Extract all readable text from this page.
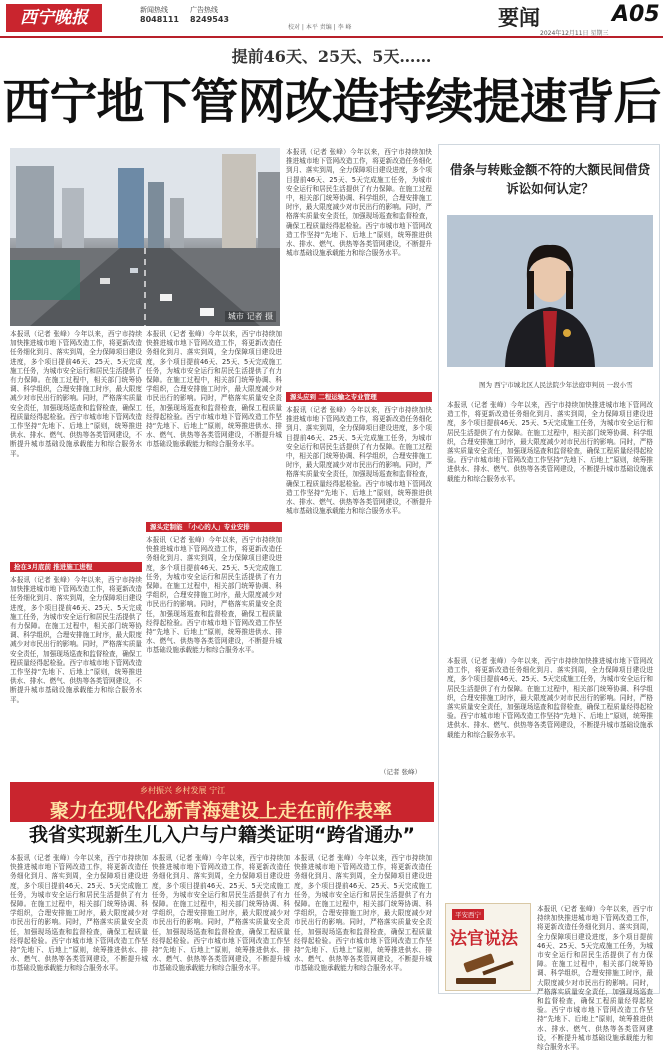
西宁晚报	新闻热线
8048111
广告热线
8249543
校对 | 本平 责编 | 李 峰	要闻	A05
2024年12月11日 星期三
提前46天、25天、5天……
西宁地下管网改造持续提速背后
城市 记者 摄
本报讯（记者 张峰）今年以来，西宁市持续加快推进城市地下管网改造工作，将更新改造任务细化到月、落实到周，全力保障项目建设进度，多个项目提前46天、25天、5天完成施工任务，为城市安全运行和居民生活提供了有力保障。在施工过程中，相关部门统筹协调、科学组织，合理安排施工时序，最大限度减少对市民出行的影响。同时，严格落实质量安全责任，加强现场巡查和监督检查，确保工程质量经得起检验。西宁市城市地下管网改造工作坚持“先地下、后地上”原则，统筹推进供水、排水、燃气、供热等各类管网建设，不断提升城市基础设施承载能力和综合服务水平。
抢在3月底前 推进施工进程
本报讯（记者 张峰）今年以来，西宁市持续加快推进城市地下管网改造工作，将更新改造任务细化到月、落实到周，全力保障项目建设进度，多个项目提前46天、25天、5天完成施工任务，为城市安全运行和居民生活提供了有力保障。在施工过程中，相关部门统筹协调、科学组织，合理安排施工时序，最大限度减少对市民出行的影响。同时，严格落实质量安全责任，加强现场巡查和监督检查，确保工程质量经得起检验。西宁市城市地下管网改造工作坚持“先地下、后地上”原则，统筹推进供水、排水、燃气、供热等各类管网建设，不断提升城市基础设施承载能力和综合服务水平。
本报讯（记者 张峰）今年以来，西宁市持续加快推进城市地下管网改造工作，将更新改造任务细化到月、落实到周，全力保障项目建设进度，多个项目提前46天、25天、5天完成施工任务，为城市安全运行和居民生活提供了有力保障。在施工过程中，相关部门统筹协调、科学组织，合理安排施工时序，最大限度减少对市民出行的影响。同时，严格落实质量安全责任，加强现场巡查和监督检查，确保工程质量经得起检验。西宁市城市地下管网改造工作坚持“先地下、后地上”原则，统筹推进供水、排水、燃气、供热等各类管网建设，不断提升城市基础设施承载能力和综合服务水平。
源头定制能 「小心的人」专业安排
本报讯（记者 张峰）今年以来，西宁市持续加快推进城市地下管网改造工作，将更新改造任务细化到月、落实到周，全力保障项目建设进度，多个项目提前46天、25天、5天完成施工任务，为城市安全运行和居民生活提供了有力保障。在施工过程中，相关部门统筹协调、科学组织，合理安排施工时序，最大限度减少对市民出行的影响。同时，严格落实质量安全责任，加强现场巡查和监督检查，确保工程质量经得起检验。西宁市城市地下管网改造工作坚持“先地下、后地上”原则，统筹推进供水、排水、燃气、供热等各类管网建设，不断提升城市基础设施承载能力和综合服务水平。
本报讯（记者 张峰）今年以来，西宁市持续加快推进城市地下管网改造工作，将更新改造任务细化到月、落实到周，全力保障项目建设进度，多个项目提前46天、25天、5天完成施工任务，为城市安全运行和居民生活提供了有力保障。在施工过程中，相关部门统筹协调、科学组织，合理安排施工时序，最大限度减少对市民出行的影响。同时，严格落实质量安全责任，加强现场巡查和监督检查，确保工程质量经得起检验。西宁市城市地下管网改造工作坚持“先地下、后地上”原则，统筹推进供水、排水、燃气、供热等各类管网建设，不断提升城市基础设施承载能力和综合服务水平。
源头应到 二程运输之专业管理
本报讯（记者 张峰）今年以来，西宁市持续加快推进城市地下管网改造工作，将更新改造任务细化到月、落实到周，全力保障项目建设进度，多个项目提前46天、25天、5天完成施工任务，为城市安全运行和居民生活提供了有力保障。在施工过程中，相关部门统筹协调、科学组织，合理安排施工时序，最大限度减少对市民出行的影响。同时，严格落实质量安全责任，加强现场巡查和监督检查，确保工程质量经得起检验。西宁市城市地下管网改造工作坚持“先地下、后地上”原则，统筹推进供水、排水、燃气、供热等各类管网建设，不断提升城市基础设施承载能力和综合服务水平。
（记者 张峰）
借条与转账金额不符的大额民间借贷诉讼如何认定？
图为 西宁市城北区人民法院少年法庭审判员 一段小雪
本报讯（记者 张峰）今年以来，西宁市持续加快推进城市地下管网改造工作，将更新改造任务细化到月、落实到周，全力保障项目建设进度，多个项目提前46天、25天、5天完成施工任务，为城市安全运行和居民生活提供了有力保障。在施工过程中，相关部门统筹协调、科学组织，合理安排施工时序，最大限度减少对市民出行的影响。同时，严格落实质量安全责任，加强现场巡查和监督检查，确保工程质量经得起检验。西宁市城市地下管网改造工作坚持“先地下、后地上”原则，统筹推进供水、排水、燃气、供热等各类管网建设，不断提升城市基础设施承载能力和综合服务水平。
本报讯（记者 张峰）今年以来，西宁市持续加快推进城市地下管网改造工作，将更新改造任务细化到月、落实到周，全力保障项目建设进度，多个项目提前46天、25天、5天完成施工任务，为城市安全运行和居民生活提供了有力保障。在施工过程中，相关部门统筹协调、科学组织，合理安排施工时序，最大限度减少对市民出行的影响。同时，严格落实质量安全责任，加强现场巡查和监督检查，确保工程质量经得起检验。西宁市城市地下管网改造工作坚持“先地下、后地上”原则，统筹推进供水、排水、燃气、供热等各类管网建设，不断提升城市基础设施承载能力和综合服务水平。
本报讯（记者 张峰）今年以来，西宁市持续加快推进城市地下管网改造工作，将更新改造任务细化到月、落实到周，全力保障项目建设进度，多个项目提前46天、25天、5天完成施工任务，为城市安全运行和居民生活提供了有力保障。在施工过程中，相关部门统筹协调、科学组织，合理安排施工时序，最大限度减少对市民出行的影响。同时，严格落实质量安全责任，加强现场巡查和监督检查，确保工程质量经得起检验。西宁市城市地下管网改造工作坚持“先地下、后地上”原则，统筹推进供水、排水、燃气、供热等各类管网建设，不断提升城市基础设施承载能力和综合服务水平。
平安西宁
法官说法
乡村振兴 乡村发展 宁江
聚力在现代化新青海建设上走在前作表率
我省实现新生儿入户与户籍类证明“跨省通办”
本报讯（记者 张峰）今年以来，西宁市持续加快推进城市地下管网改造工作，将更新改造任务细化到月、落实到周，全力保障项目建设进度，多个项目提前46天、25天、5天完成施工任务，为城市安全运行和居民生活提供了有力保障。在施工过程中，相关部门统筹协调、科学组织，合理安排施工时序，最大限度减少对市民出行的影响。同时，严格落实质量安全责任，加强现场巡查和监督检查，确保工程质量经得起检验。西宁市城市地下管网改造工作坚持“先地下、后地上”原则，统筹推进供水、排水、燃气、供热等各类管网建设，不断提升城市基础设施承载能力和综合服务水平。
本报讯（记者 张峰）今年以来，西宁市持续加快推进城市地下管网改造工作，将更新改造任务细化到月、落实到周，全力保障项目建设进度，多个项目提前46天、25天、5天完成施工任务，为城市安全运行和居民生活提供了有力保障。在施工过程中，相关部门统筹协调、科学组织，合理安排施工时序，最大限度减少对市民出行的影响。同时，严格落实质量安全责任，加强现场巡查和监督检查，确保工程质量经得起检验。西宁市城市地下管网改造工作坚持“先地下、后地上”原则，统筹推进供水、排水、燃气、供热等各类管网建设，不断提升城市基础设施承载能力和综合服务水平。
本报讯（记者 张峰）今年以来，西宁市持续加快推进城市地下管网改造工作，将更新改造任务细化到月、落实到周，全力保障项目建设进度，多个项目提前46天、25天、5天完成施工任务，为城市安全运行和居民生活提供了有力保障。在施工过程中，相关部门统筹协调、科学组织，合理安排施工时序，最大限度减少对市民出行的影响。同时，严格落实质量安全责任，加强现场巡查和监督检查，确保工程质量经得起检验。西宁市城市地下管网改造工作坚持“先地下、后地上”原则，统筹推进供水、排水、燃气、供热等各类管网建设，不断提升城市基础设施承载能力和综合服务水平。
